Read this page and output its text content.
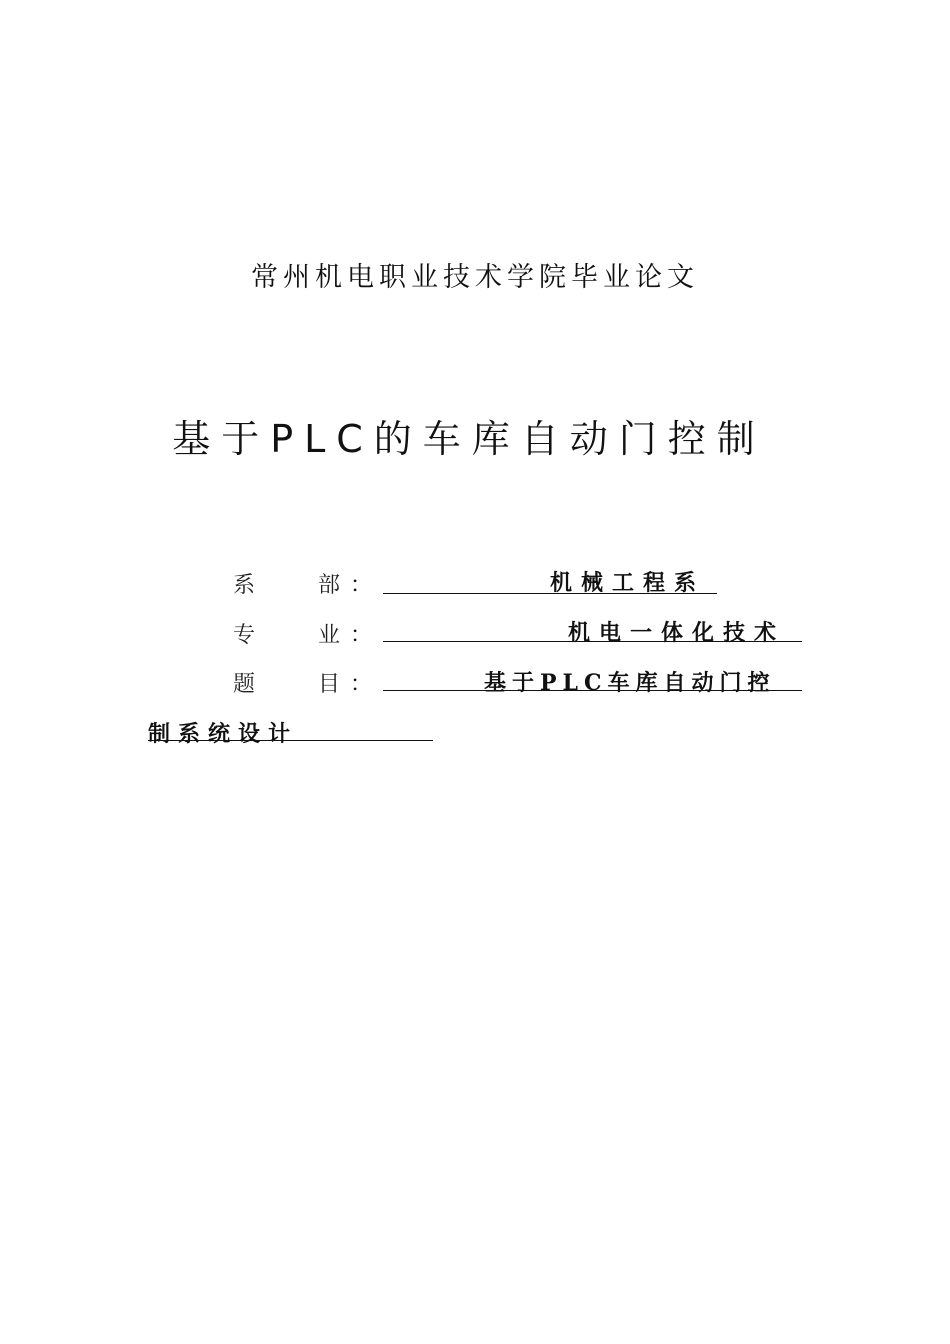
常州机电职业技术学院毕业论文
基于PLC的车库自动门控制
系	部 ：	机械工程系
专	业 ：	机电一体化技术
题	目 ：	基于PLC车库自动门控
制系统设计
